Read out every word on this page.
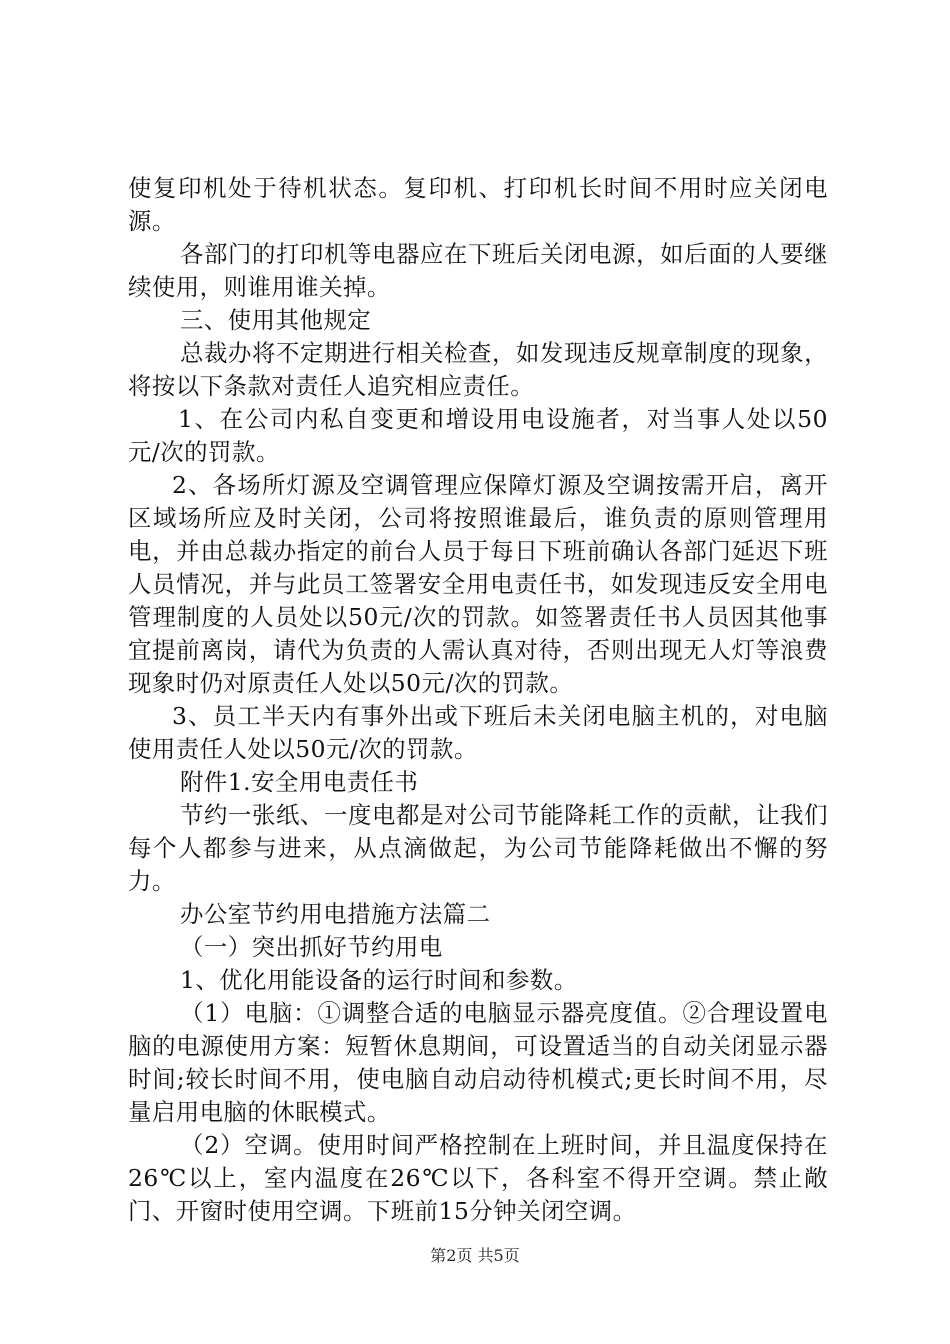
使复印机处于待机状态。复印机、打印机长时间不用时应关闭电源。

各部门的打印机等电器应在下班后关闭电源，如后面的人要继续使用，则谁用谁关掉。

三、使用其他规定

总裁办将不定期进行相关检查，如发现违反规章制度的现象，将按以下条款对责任人追究相应责任。

1、在公司内私自变更和增设用电设施者，对当事人处以50元/次的罚款。

2、各场所灯源及空调管理应保障灯源及空调按需开启，离开区域场所应及时关闭，公司将按照谁最后，谁负责的原则管理用电，并由总裁办指定的前台人员于每日下班前确认各部门延迟下班人员情况，并与此员工签署安全用电责任书，如发现违反安全用电管理制度的人员处以50元/次的罚款。如签署责任书人员因其他事宜提前离岗，请代为负责的人需认真对待，否则出现无人灯等浪费现象时仍对原责任人处以50元/次的罚款。

3、员工半天内有事外出或下班后未关闭电脑主机的，对电脑使用责任人处以50元/次的罚款。

附件1.安全用电责任书

节约一张纸、一度电都是对公司节能降耗工作的贡献，让我们每个人都参与进来，从点滴做起，为公司节能降耗做出不懈的努力。

办公室节约用电措施方法篇二

（一）突出抓好节约用电

1、优化用能设备的运行时间和参数。

（1）电脑：①调整合适的电脑显示器亮度值。②合理设置电脑的电源使用方案：短暂休息期间，可设置适当的自动关闭显示器时间;较长时间不用，使电脑自动启动待机模式;更长时间不用，尽量启用电脑的休眠模式。

（2）空调。使用时间严格控制在上班时间，并且温度保持在26℃以上，室内温度在26℃以下，各科室不得开空调。禁止敞门、开窗时使用空调。下班前15分钟关闭空调。

第2页 共5页
